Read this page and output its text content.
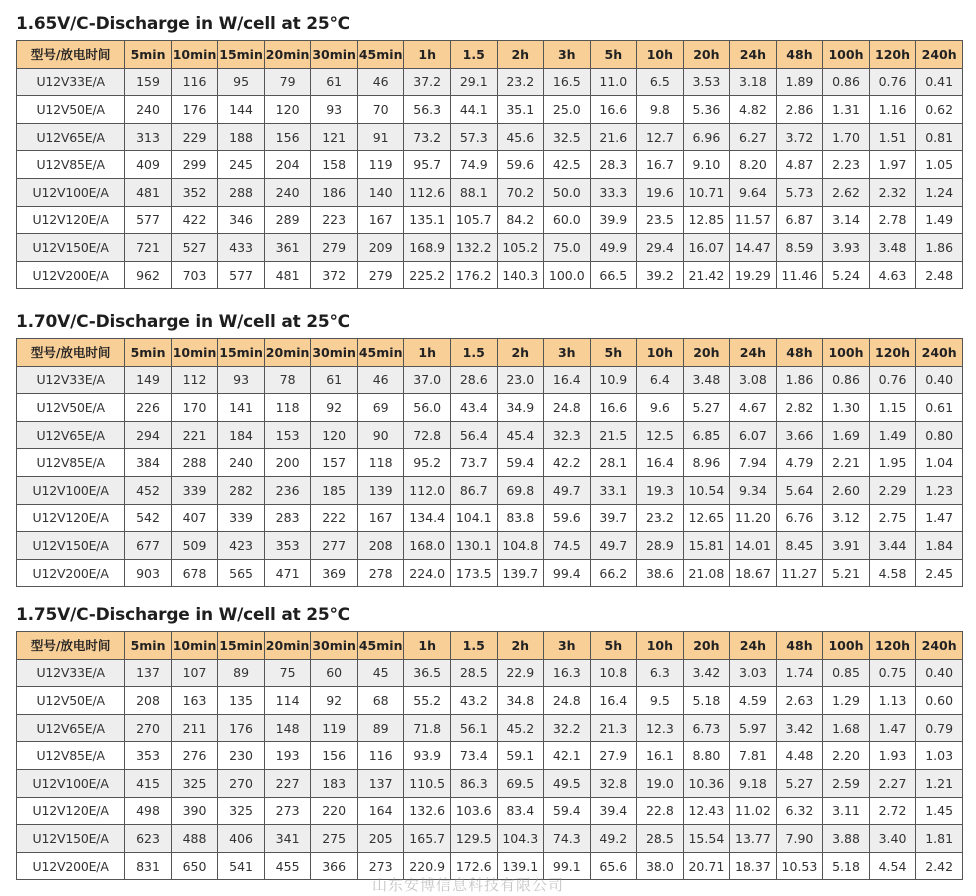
1.65V/C-Discharge in W/cell at 25℃
型号/放电时间	5min	10min	15min	20min	30min	45min	1h	1.5	2h	3h	5h	10h	20h	24h	48h	100h	120h	240h
U12V33E/A	159	116	95	79	61	46	37.2	29.1	23.2	16.5	11.0	6.5	3.53	3.18	1.89	0.86	0.76	0.41
U12V50E/A	240	176	144	120	93	70	56.3	44.1	35.1	25.0	16.6	9.8	5.36	4.82	2.86	1.31	1.16	0.62
U12V65E/A	313	229	188	156	121	91	73.2	57.3	45.6	32.5	21.6	12.7	6.96	6.27	3.72	1.70	1.51	0.81
U12V85E/A	409	299	245	204	158	119	95.7	74.9	59.6	42.5	28.3	16.7	9.10	8.20	4.87	2.23	1.97	1.05
U12V100E/A	481	352	288	240	186	140	112.6	88.1	70.2	50.0	33.3	19.6	10.71	9.64	5.73	2.62	2.32	1.24
U12V120E/A	577	422	346	289	223	167	135.1	105.7	84.2	60.0	39.9	23.5	12.85	11.57	6.87	3.14	2.78	1.49
U12V150E/A	721	527	433	361	279	209	168.9	132.2	105.2	75.0	49.9	29.4	16.07	14.47	8.59	3.93	3.48	1.86
U12V200E/A	962	703	577	481	372	279	225.2	176.2	140.3	100.0	66.5	39.2	21.42	19.29	11.46	5.24	4.63	2.48
1.70V/C-Discharge in W/cell at 25℃
型号/放电时间	5min	10min	15min	20min	30min	45min	1h	1.5	2h	3h	5h	10h	20h	24h	48h	100h	120h	240h
U12V33E/A	149	112	93	78	61	46	37.0	28.6	23.0	16.4	10.9	6.4	3.48	3.08	1.86	0.86	0.76	0.40
U12V50E/A	226	170	141	118	92	69	56.0	43.4	34.9	24.8	16.6	9.6	5.27	4.67	2.82	1.30	1.15	0.61
U12V65E/A	294	221	184	153	120	90	72.8	56.4	45.4	32.3	21.5	12.5	6.85	6.07	3.66	1.69	1.49	0.80
U12V85E/A	384	288	240	200	157	118	95.2	73.7	59.4	42.2	28.1	16.4	8.96	7.94	4.79	2.21	1.95	1.04
U12V100E/A	452	339	282	236	185	139	112.0	86.7	69.8	49.7	33.1	19.3	10.54	9.34	5.64	2.60	2.29	1.23
U12V120E/A	542	407	339	283	222	167	134.4	104.1	83.8	59.6	39.7	23.2	12.65	11.20	6.76	3.12	2.75	1.47
U12V150E/A	677	509	423	353	277	208	168.0	130.1	104.8	74.5	49.7	28.9	15.81	14.01	8.45	3.91	3.44	1.84
U12V200E/A	903	678	565	471	369	278	224.0	173.5	139.7	99.4	66.2	38.6	21.08	18.67	11.27	5.21	4.58	2.45
1.75V/C-Discharge in W/cell at 25℃
型号/放电时间	5min	10min	15min	20min	30min	45min	1h	1.5	2h	3h	5h	10h	20h	24h	48h	100h	120h	240h
U12V33E/A	137	107	89	75	60	45	36.5	28.5	22.9	16.3	10.8	6.3	3.42	3.03	1.74	0.85	0.75	0.40
U12V50E/A	208	163	135	114	92	68	55.2	43.2	34.8	24.8	16.4	9.5	5.18	4.59	2.63	1.29	1.13	0.60
U12V65E/A	270	211	176	148	119	89	71.8	56.1	45.2	32.2	21.3	12.3	6.73	5.97	3.42	1.68	1.47	0.79
U12V85E/A	353	276	230	193	156	116	93.9	73.4	59.1	42.1	27.9	16.1	8.80	7.81	4.48	2.20	1.93	1.03
U12V100E/A	415	325	270	227	183	137	110.5	86.3	69.5	49.5	32.8	19.0	10.36	9.18	5.27	2.59	2.27	1.21
U12V120E/A	498	390	325	273	220	164	132.6	103.6	83.4	59.4	39.4	22.8	12.43	11.02	6.32	3.11	2.72	1.45
U12V150E/A	623	488	406	341	275	205	165.7	129.5	104.3	74.3	49.2	28.5	15.54	13.77	7.90	3.88	3.40	1.81
U12V200E/A	831	650	541	455	366	273	220.9	172.6	139.1	99.1	65.6	38.0	20.71	18.37	10.53	5.18	4.54	2.42
山东安博信息科技有限公司
